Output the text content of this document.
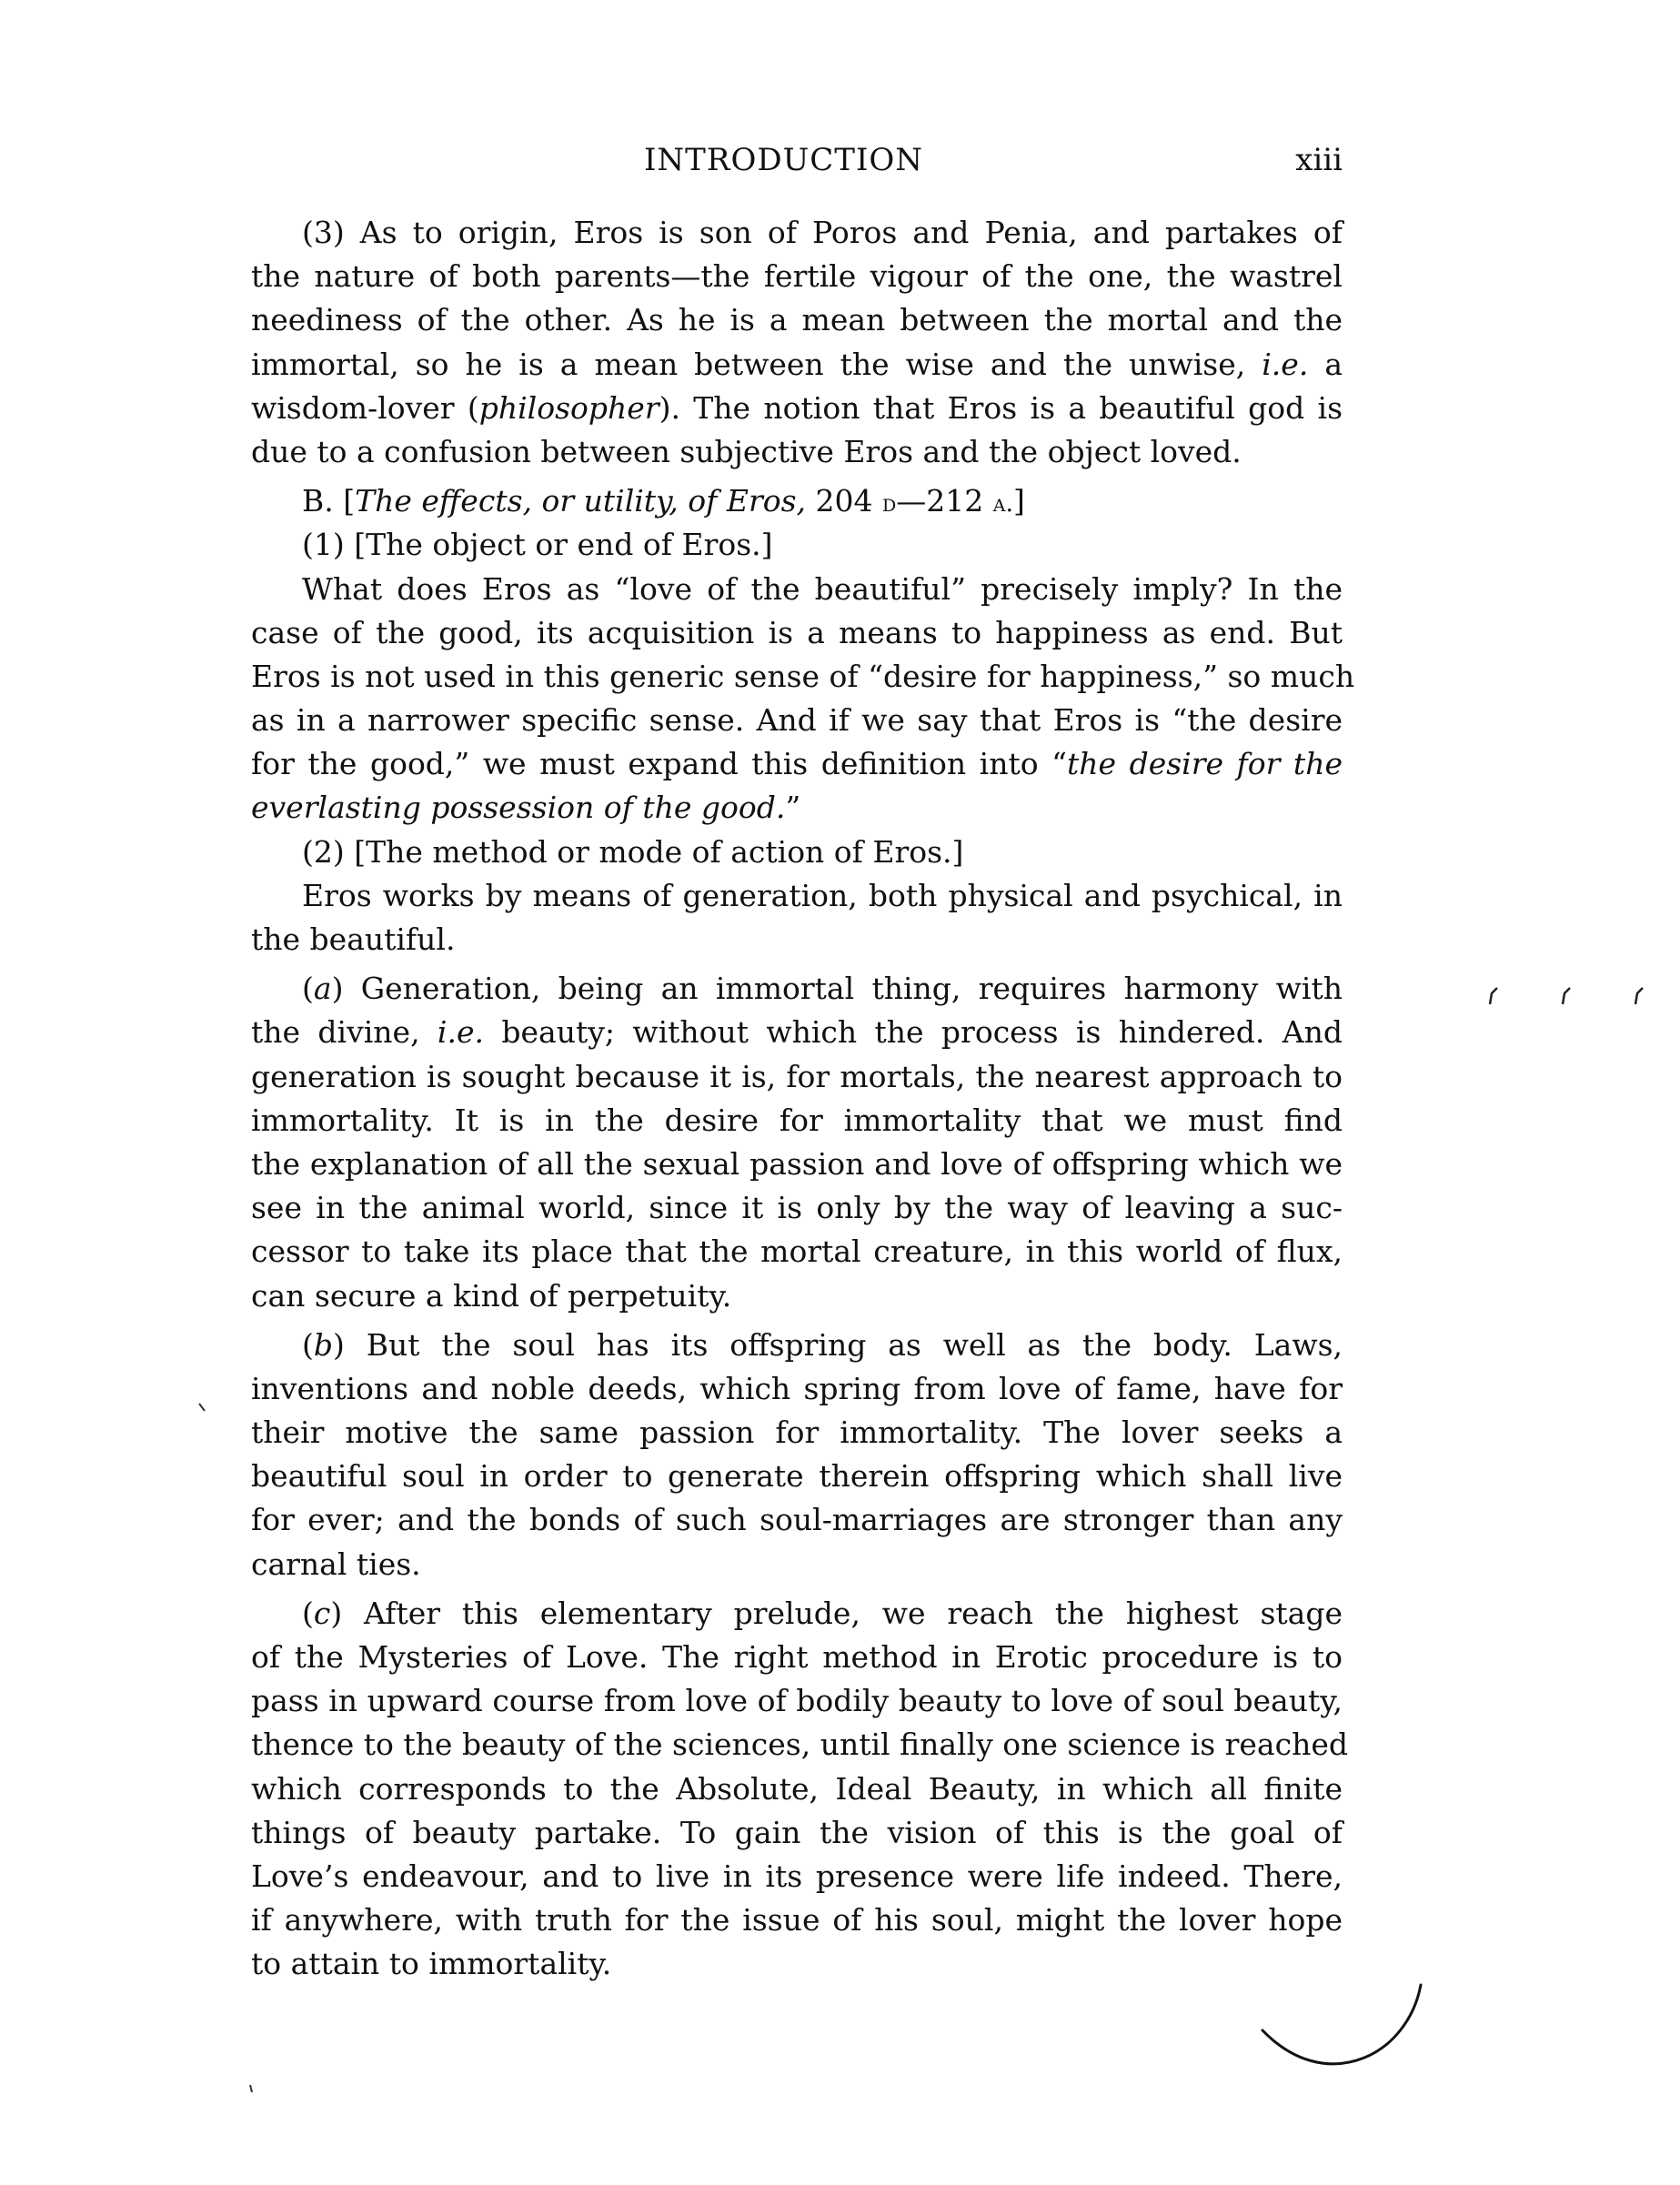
INTRODUCTION	xiii
(3) As to origin, Eros is son of Poros and Penia, and partakes of
the nature of both parents—the fertile vigour of the one, the wastrel
neediness of the other. As he is a mean between the mortal and the
immortal, so he is a mean between the wise and the unwise, i.e. a
wisdom-lover (philosopher). The notion that Eros is a beautiful god is
due to a confusion between subjective Eros and the object loved.
B. [The effects, or utility, of Eros, 204 d—212 a.]
(1) [The object or end of Eros.]
What does Eros as “love of the beautiful” precisely imply? In the
case of the good, its acquisition is a means to happiness as end. But
Eros is not used in this generic sense of “desire for happiness,” so much
as in a narrower specific sense. And if we say that Eros is “the desire
for the good,” we must expand this definition into “the desire for the
everlasting possession of the good.”
(2) [The method or mode of action of Eros.]
Eros works by means of generation, both physical and psychical, in
the beautiful.
(a) Generation, being an immortal thing, requires harmony with
the divine, i.e. beauty; without which the process is hindered. And
generation is sought because it is, for mortals, the nearest approach to
immortality. It is in the desire for immortality that we must find
the explanation of all the sexual passion and love of offspring which we
see in the animal world, since it is only by the way of leaving a suc-
cessor to take its place that the mortal creature, in this world of flux,
can secure a kind of perpetuity.
(b) But the soul has its offspring as well as the body. Laws,
inventions and noble deeds, which spring from love of fame, have for
their motive the same passion for immortality. The lover seeks a
beautiful soul in order to generate therein offspring which shall live
for ever; and the bonds of such soul-marriages are stronger than any
carnal ties.
(c) After this elementary prelude, we reach the highest stage
of the Mysteries of Love. The right method in Erotic procedure is to
pass in upward course from love of bodily beauty to love of soul beauty,
thence to the beauty of the sciences, until finally one science is reached
which corresponds to the Absolute, Ideal Beauty, in which all finite
things of beauty partake. To gain the vision of this is the goal of
Love’s endeavour, and to live in its presence were life indeed. There,
if anywhere, with truth for the issue of his soul, might the lover hope
to attain to immortality.
